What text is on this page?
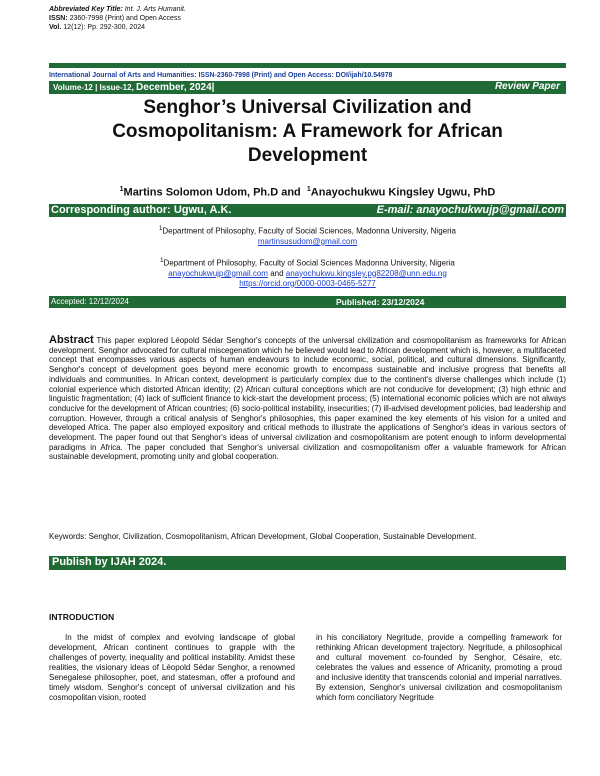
Abbreviated Key Title: Int. J. Arts Humanit.
ISSN: 2360-7998 (Print) and Open Access
Vol. 12(12): Pp. 292-300, 2024
International Journal of Arts and Humanities: ISSN-2360-7998 (Print) and Open Access: DOI/ijah/10.54978
Volume-12 | Issue-12, December, 2024|	Review Paper
Senghor’s Universal Civilization and
Cosmopolitanism: A Framework for African
Development
$^1$Martins Solomon Udom, Ph.D and $^1$Anayochukwu Kingsley Ugwu, PhD
Corresponding author: Ugwu, A.K.	E-mail: anayochukwujp@gmail.com
$^1$Department of Philosophy, Faculty of Social Sciences, Madonna University, Nigeria
martinsusudom@gmail.com
$^1$Department of Philosophy, Faculty of Social Sciences Madonna University, Nigeria
anayochukwujp@gmail.com and anayochukwu.kingsley.pg82208@unn.edu.ng
https://orcid.org/0000-0003-0465-5277
Accepted: 12/12/2024	Published: 23/12/2024
Abstract This paper explored Léopold Sédar Senghor's concepts of the universal civilization and cosmopolitanism as frameworks for African development. Senghor advocated for cultural miscegenation which he believed would lead to African development which is, however, a multifaceted concept that encompasses various aspects of human endeavours to include economic, social, political, and cultural dimensions. Significantly, Senghor's concept of development goes beyond mere economic growth to encompass sustainable and inclusive progress that benefits all individuals and communities. In African context, development is particularly complex due to the continent's diverse challenges which include (1) colonial experience which distorted African identity; (2) African cultural conceptions which are not conducive for development; (3) high ethnic and linguistic fragmentation; (4) lack of sufficient finance to kick-start the development process; (5) international economic policies which are not always conducive for the development of African countries; (6) socio-political instability, insecurities; (7) ill-advised development policies, bad leadership and corruption. However, through a critical analysis of Senghor's philosophies, this paper examined the key elements of his vision for a united and developed Africa. The paper also employed expository and critical methods to illustrate the applications of Senghor's ideas in various sectors of development. The paper found out that Senghor's ideas of universal civilization and cosmopolitanism are potent enough to inform developmental paradigms in Africa. The paper concluded that Senghor's universal civilization and cosmopolitanism offer a valuable framework for African sustainable development, promoting unity and global cooperation.
Keywords: Senghor, Civilization, Cosmopolitanism, African Development, Global Cooperation, Sustainable Development.
Publish by IJAH 2024.
INTRODUCTION
In the midst of complex and evolving landscape of global development, African continent continues to grapple with the challenges of poverty, inequality and political instability. Amidst these realities, the visionary ideas of Léopold Sédar Senghor, a renowned Senegalese philosopher, poet, and statesman, offer a profound and timely wisdom. Senghor's concept of universal civilization and his cosmopolitan vision, rooted
in his conciliatory Negritude, provide a compelling framework for rethinking African development trajectory. Negritude, a philosophical and cultural movement co-founded by Senghor, Césaire, etc. celebrates the values and essence of Africanity, promoting a proud and inclusive identity that transcends colonial and imperial narratives. By extension, Senghor's universal civilization and cosmopolitanism which form conciliatory Negritude
